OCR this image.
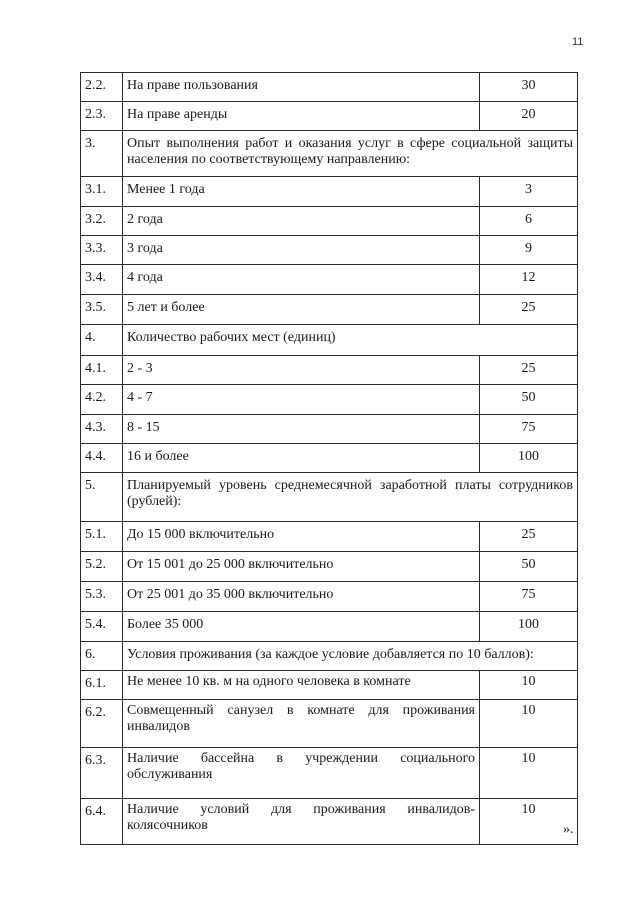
11
2.2.	На праве пользования	30
2.3.	На праве аренды	20
3.	Опыт выполнения работ и оказания услуг в сфере социальной защиты населения по соответствующему направлению:	
3.1.	Менее 1 года	3
3.2.	2 года	6
3.3.	3 года	9
3.4.	4 года	12
3.5.	5 лет и более	25
4.	Количество рабочих мест (единиц)	
4.1.	2 - 3	25
4.2.	4 - 7	50
4.3.	8 - 15	75
4.4.	16 и более	100
5.	Планируемый уровень среднемесячной заработной платы сотрудников (рублей):	
5.1.	До 15 000 включительно	25
5.2.	От 15 001 до 25 000 включительно	50
5.3.	От 25 001 до 35 000 включительно	75
5.4.	Более 35 000	100
6.	Условия проживания (за каждое условие добавляется по 10 баллов):	
6.1.	Не менее 10 кв. м на одного человека в комнате	10
6.2.	Совмещенный санузел в комнате для проживания инвалидов	10
6.3.	Наличие бассейна в учреждении социального обслуживания	10
6.4.	Наличие условий для проживания инвалидов-колясочников	10
».
